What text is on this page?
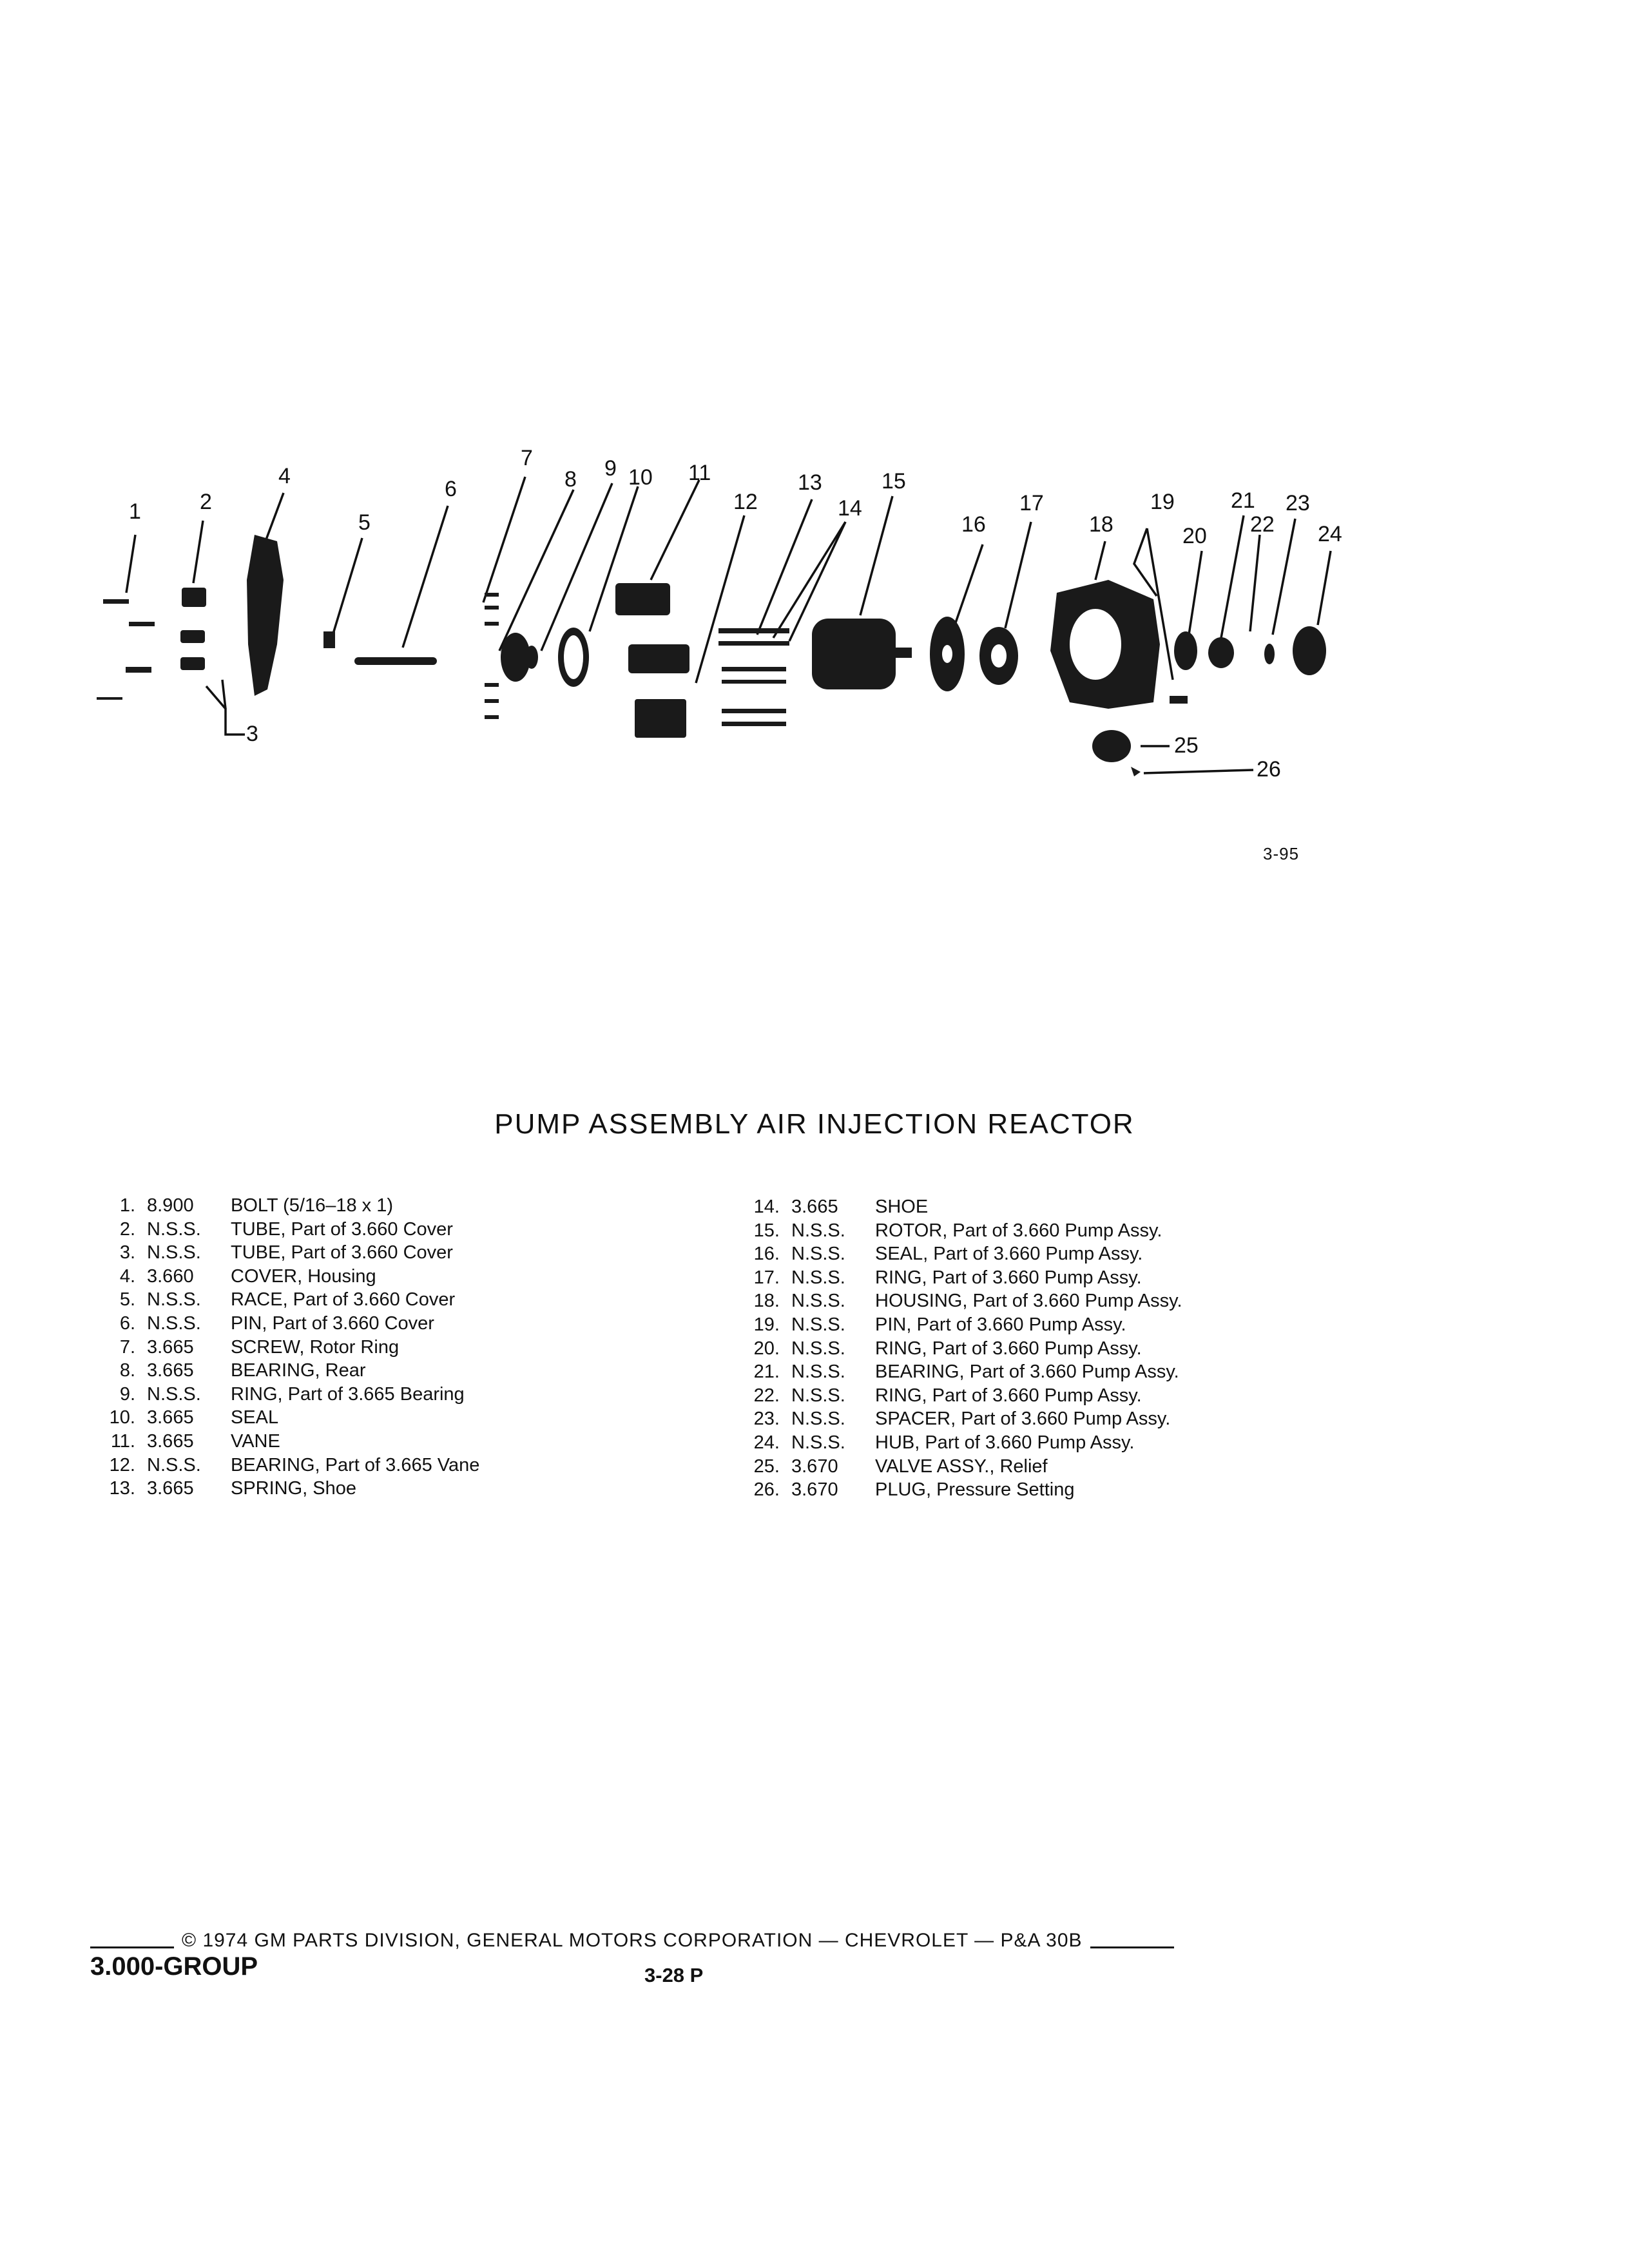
1	2
3
4
5
6
7
8 9 10 11
12
13
14
15
16
17
18
19
20
21
22
23
24
25
26
3-95
PUMP ASSEMBLY AIR INJECTION REACTOR
1. 8.900	BOLT (5/16–18 x 1)
2. N.S.S.	TUBE, Part of 3.660 Cover
3. N.S.S.	TUBE, Part of 3.660 Cover
4. 3.660	COVER, Housing
5. N.S.S.	RACE, Part of 3.660 Cover
6. N.S.S.	PIN, Part of 3.660 Cover
7. 3.665	SCREW, Rotor Ring
8. 3.665	BEARING, Rear
9. N.S.S.	RING, Part of 3.665 Bearing
10. 3.665	SEAL
11. 3.665	VANE
12. N.S.S.	BEARING, Part of 3.665 Vane
13. 3.665	SPRING, Shoe
14. 3.665	SHOE
15. N.S.S.	ROTOR, Part of 3.660 Pump Assy.
16. N.S.S.	SEAL, Part of 3.660 Pump Assy.
17. N.S.S.	RING, Part of 3.660 Pump Assy.
18. N.S.S.	HOUSING, Part of 3.660 Pump Assy.
19. N.S.S.	PIN, Part of 3.660 Pump Assy.
20. N.S.S.	RING, Part of 3.660 Pump Assy.
21. N.S.S.	BEARING, Part of 3.660 Pump Assy.
22. N.S.S.	RING, Part of 3.660 Pump Assy.
23. N.S.S.	SPACER, Part of 3.660 Pump Assy.
24. N.S.S.	HUB, Part of 3.660 Pump Assy.
25. 3.670	VALVE ASSY., Relief
26. 3.670	PLUG, Pressure Setting
© 1974 GM PARTS DIVISION, GENERAL MOTORS CORPORATION — CHEVROLET — P&A 30B
3.000-GROUP	3-28 P
